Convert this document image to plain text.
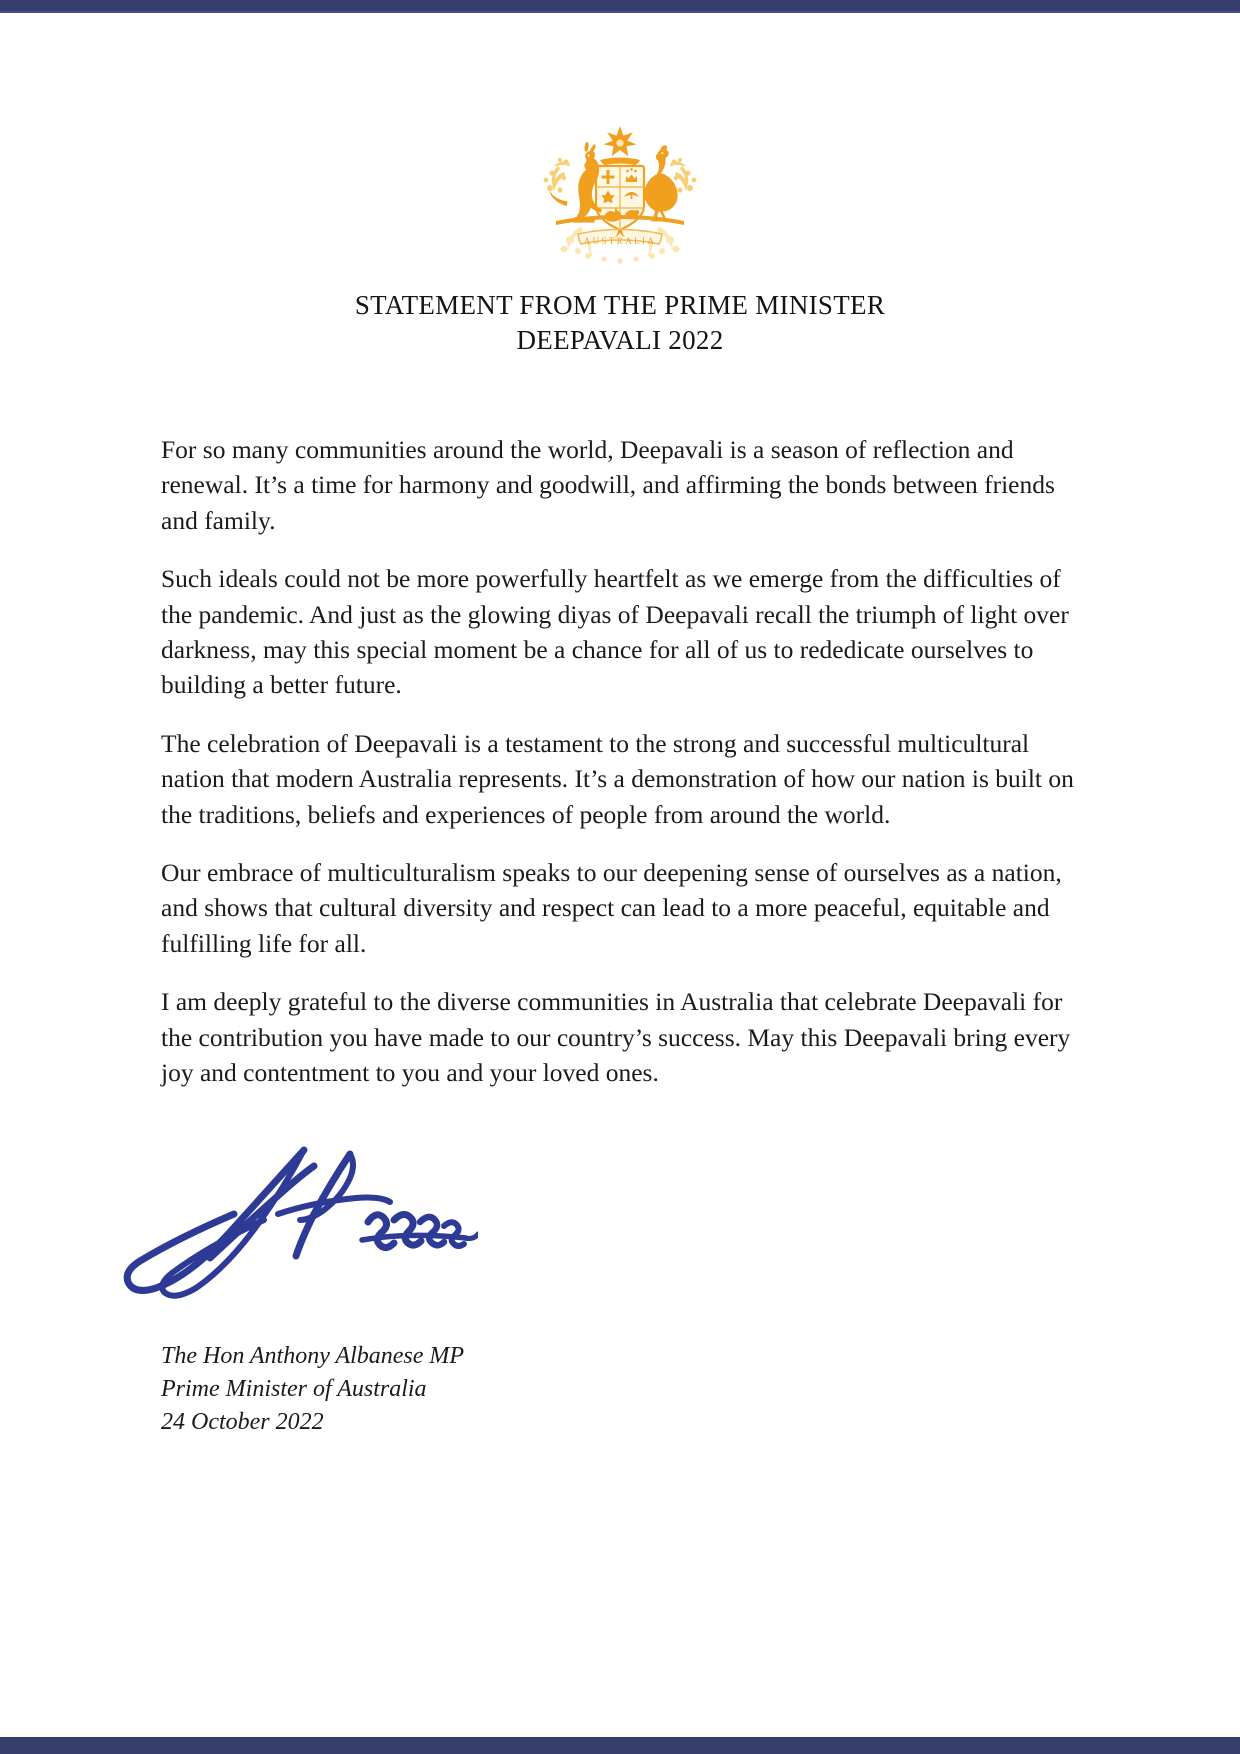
AUSTRALIA
STATEMENT FROM THE PRIME MINISTER
DEEPAVALI 2022

For so many communities around the world, Deepavali is a season of reflection and renewal. It’s a time for harmony and goodwill, and affirming the bonds between friends and family.

Such ideals could not be more powerfully heartfelt as we emerge from the difficulties of the pandemic. And just as the glowing diyas of Deepavali recall the triumph of light over darkness, may this special moment be a chance for all of us to rededicate ourselves to building a better future.

The celebration of Deepavali is a testament to the strong and successful multicultural nation that modern Australia represents. It’s a demonstration of how our nation is built on the traditions, beliefs and experiences of people from around the world.

Our embrace of multiculturalism speaks to our deepening sense of ourselves as a nation, and shows that cultural diversity and respect can lead to a more peaceful, equitable and fulfilling life for all.

I am deeply grateful to the diverse communities in Australia that celebrate Deepavali for the contribution you have made to our country’s success. May this Deepavali bring every joy and contentment to you and your loved ones.

The Hon Anthony Albanese MP
Prime Minister of Australia
24 October 2022
